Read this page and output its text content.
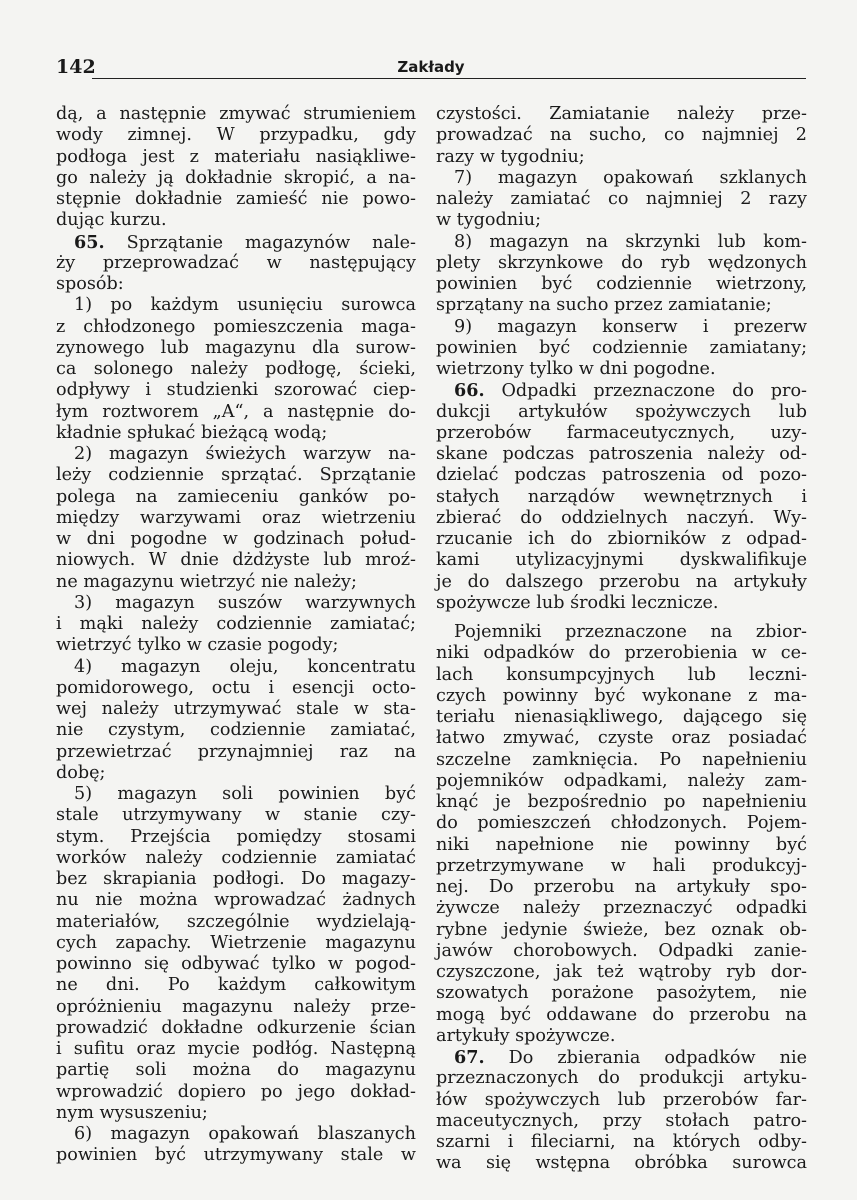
142	Zakłady
dą, a następnie zmywać strumieniem
wody zimnej. W przypadku, gdy
podłoga jest z materiału nasiąkliwe-
go należy ją dokładnie skropić, a na-
stępnie dokładnie zamieść nie powo-
dując kurzu.
65. Sprzątanie magazynów nale-
ży przeprowadzać w następujący
sposób:
1) po każdym usunięciu surowca
z chłodzonego pomieszczenia maga-
zynowego lub magazynu dla surow-
ca solonego należy podłogę, ścieki,
odpływy i studzienki szorować ciep-
łym roztworem „A“, a następnie do-
kładnie spłukać bieżącą wodą;
2) magazyn świeżych warzyw na-
leży codziennie sprzątać. Sprzątanie
polega na zamieceniu ganków po-
między warzywami oraz wietrzeniu
w dni pogodne w godzinach połud-
niowych. W dnie dżdżyste lub mroź-
ne magazynu wietrzyć nie należy;
3) magazyn suszów warzywnych
i mąki należy codziennie zamiatać;
wietrzyć tylko w czasie pogody;
4) magazyn oleju, koncentratu
pomidorowego, octu i esencji octo-
wej należy utrzymywać stale w sta-
nie czystym, codziennie zamiatać,
przewietrzać przynajmniej raz na
dobę;
5) magazyn soli powinien być
stale utrzymywany w stanie czy-
stym. Przejścia pomiędzy stosami
worków należy codziennie zamiatać
bez skrapiania podłogi. Do magazy-
nu nie można wprowadzać żadnych
materiałów, szczególnie wydzielają-
cych zapachy. Wietrzenie magazynu
powinno się odbywać tylko w pogod-
ne dni. Po każdym całkowitym
opróżnieniu magazynu należy prze-
prowadzić dokładne odkurzenie ścian
i sufitu oraz mycie podłóg. Następną
partię soli można do magazynu
wprowadzić dopiero po jego dokład-
nym wysuszeniu;
6) magazyn opakowań blaszanych
powinien być utrzymywany stale w
czystości. Zamiatanie należy prze-
prowadzać na sucho, co najmniej 2
razy w tygodniu;
7) magazyn opakowań szklanych
należy zamiatać co najmniej 2 razy
w tygodniu;
8) magazyn na skrzynki lub kom-
plety skrzynkowe do ryb wędzonych
powinien być codziennie wietrzony,
sprzątany na sucho przez zamiatanie;
9) magazyn konserw i prezerw
powinien być codziennie zamiatany;
wietrzony tylko w dni pogodne.
66. Odpadki przeznaczone do pro-
dukcji artykułów spożywczych lub
przerobów farmaceutycznych, uzy-
skane podczas patroszenia należy od-
dzielać podczas patroszenia od pozo-
stałych narządów wewnętrznych i
zbierać do oddzielnych naczyń. Wy-
rzucanie ich do zbiorników z odpad-
kami utylizacyjnymi dyskwalifikuje
je do dalszego przerobu na artykuły
spożywcze lub środki lecznicze.
Pojemniki przeznaczone na zbior-
niki odpadków do przerobienia w ce-
lach konsumpcyjnych lub leczni-
czych powinny być wykonane z ma-
teriału nienasiąkliwego, dającego się
łatwo zmywać, czyste oraz posiadać
szczelne zamknięcia. Po napełnieniu
pojemników odpadkami, należy zam-
knąć je bezpośrednio po napełnieniu
do pomieszczeń chłodzonych. Pojem-
niki napełnione nie powinny być
przetrzymywane w hali produkcyj-
nej. Do przerobu na artykuły spo-
żywcze należy przeznaczyć odpadki
rybne jedynie świeże, bez oznak ob-
jawów chorobowych. Odpadki zanie-
czyszczone, jak też wątroby ryb dor-
szowatych porażone pasożytem, nie
mogą być oddawane do przerobu na
artykuły spożywcze.
67. Do zbierania odpadków nie
przeznaczonych do produkcji artyku-
łów spożywczych lub przerobów far-
maceutycznych, przy stołach patro-
szarni i fileciarni, na których odby-
wa się wstępna obróbka surowca
